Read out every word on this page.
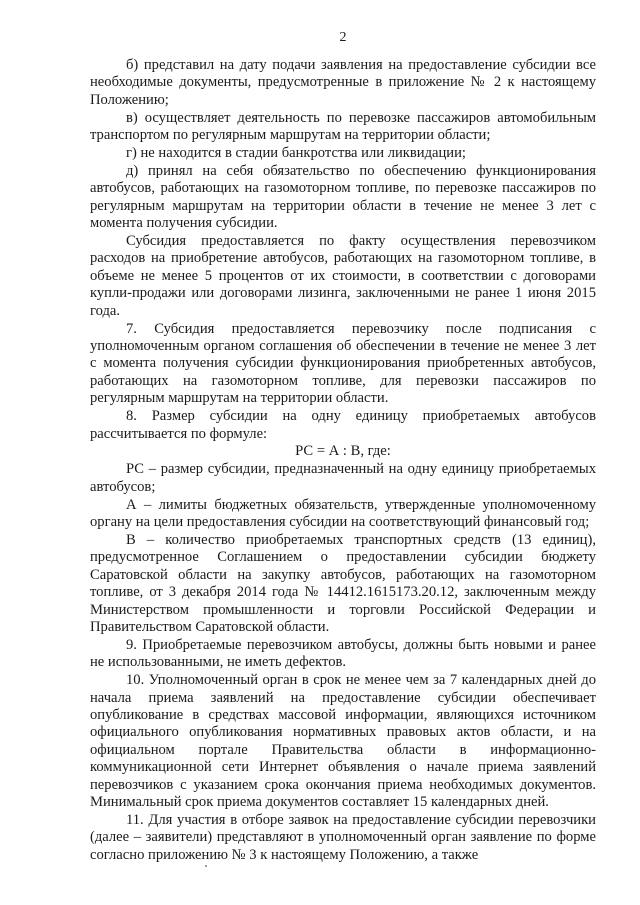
2

б) представил на дату подачи заявления на предоставление субсидии все необходимые документы, предусмотренные в приложение № 2 к настоящему Положению;

в) осуществляет деятельность по перевозке пассажиров автомобильным транспортом по регулярным маршрутам на территории области;

г) не находится в стадии банкротства или ликвидации;

д) принял на себя обязательство по обеспечению функционирования автобусов, работающих на газомоторном топливе, по перевозке пассажиров по регулярным маршрутам на территории области в течение не менее 3 лет с момента получения субсидии.

Субсидия предоставляется по факту осуществления перевозчиком расходов на приобретение автобусов, работающих на газомоторном топливе, в объеме не менее 5 процентов от их стоимости, в соответствии с договорами купли-продажи или договорами лизинга, заключенными не ранее 1 июня 2015 года.

7. Субсидия предоставляется перевозчику после подписания с уполномоченным органом соглашения об обеспечении в течение не менее 3 лет с момента получения субсидии функционирования приобретенных автобусов, работающих на газомоторном топливе, для перевозки пассажиров по регулярным маршрутам на территории области.

8. Размер субсидии на одну единицу приобретаемых автобусов рассчитывается по формуле:

РС = А : В, где:

РС – размер субсидии, предназначенный на одну единицу приобретаемых автобусов;

А – лимиты бюджетных обязательств, утвержденные уполномоченному органу на цели предоставления субсидии на соответствующий финансовый год;

В – количество приобретаемых транспортных средств (13 единиц), предусмотренное Соглашением о предоставлении субсидии бюджету Саратовской области на закупку автобусов, работающих на газомоторном топливе, от 3 декабря 2014 года № 14412.1615173.20.12, заключенным между Министерством промышленности и торговли Российской Федерации и Правительством Саратовской области.

9. Приобретаемые перевозчиком автобусы, должны быть новыми и ранее не использованными, не иметь дефектов.

10. Уполномоченный орган в срок не менее чем за 7 календарных дней до начала приема заявлений на предоставление субсидии обеспечивает опубликование в средствах массовой информации, являющихся источником официального опубликования нормативных правовых актов области, и на официальном портале Правительства области в информационно-коммуникационной сети Интернет объявления о начале приема заявлений перевозчиков с указанием срока окончания приема необходимых документов. Минимальный срок приема документов составляет 15 календарных дней.

11. Для участия в отборе заявок на предоставление субсидии перевозчики (далее – заявители) представляют в уполномоченный орган заявление по форме согласно приложению № 3 к настоящему Положению, а также
